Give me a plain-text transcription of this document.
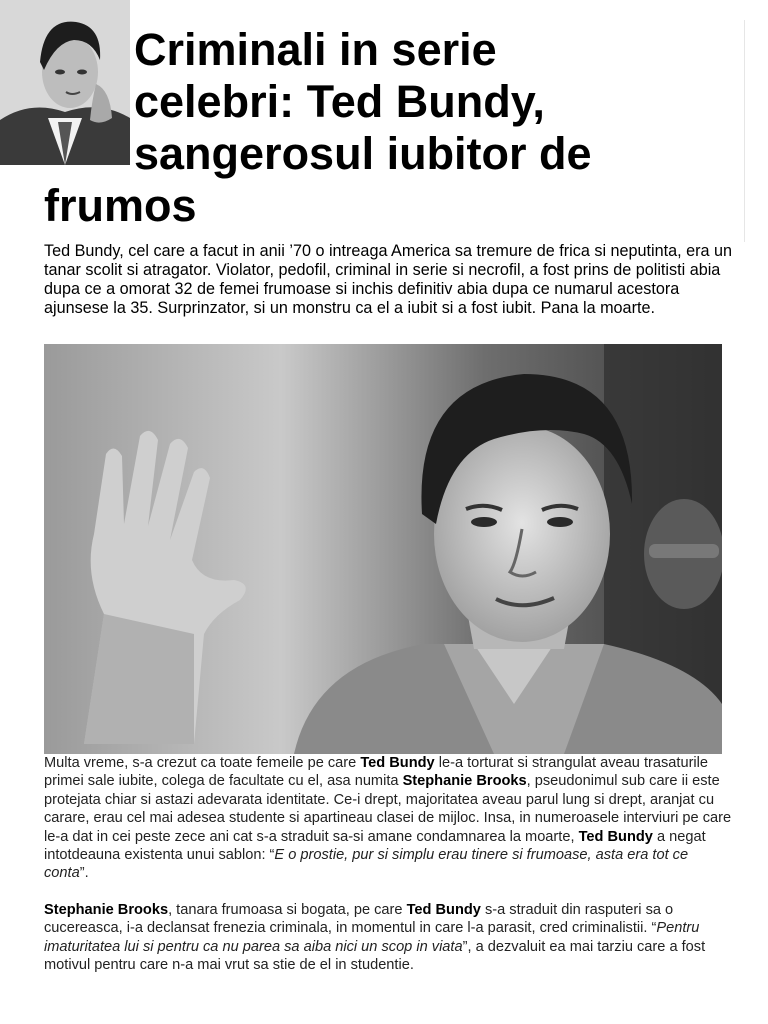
Criminali in serie
celebri: Ted Bundy,
sangerosul iubitor de
frumos

Ted Bundy, cel care a facut in anii ’70 o intreaga America sa tremure de frica si neputinta, era un tanar scolit si atragator. Violator, pedofil, criminal in serie si necrofil, a fost prins de politisti abia dupa ce a omorat 32 de femei frumoase si inchis definitiv abia dupa ce numarul acestora ajunsese la 35. Surprinzator, si un monstru ca el a iubit si a fost iubit. Pana la moarte.

Multa vreme, s-a crezut ca toate femeile pe care Ted Bundy le-a torturat si strangulat aveau trasaturile primei sale iubite, colega de facultate cu el, asa numita Stephanie Brooks, pseudonimul sub care ii este protejata chiar si astazi adevarata identitate. Ce-i drept, majoritatea aveau parul lung si drept, aranjat cu carare, erau cel mai adesea studente si apartineau clasei de mijloc. Insa, in numeroasele interviuri pe care le-a dat in cei peste zece ani cat s-a straduit sa-si amane condamnarea la moarte, Ted Bundy a negat intotdeauna existenta unui sablon: “E o prostie, pur si simplu erau tinere si frumoase, asta era tot ce conta”.

Stephanie Brooks, tanara frumoasa si bogata, pe care Ted Bundy s-a straduit din rasputeri sa o cucereasca, i-a declansat frenezia criminala, in momentul in care l-a parasit, cred criminalistii. “Pentru imaturitatea lui si pentru ca nu parea sa aiba nici un scop in viata”, a dezvaluit ea mai tarziu care a fost motivul pentru care n-a mai vrut sa stie de el in studentie.
